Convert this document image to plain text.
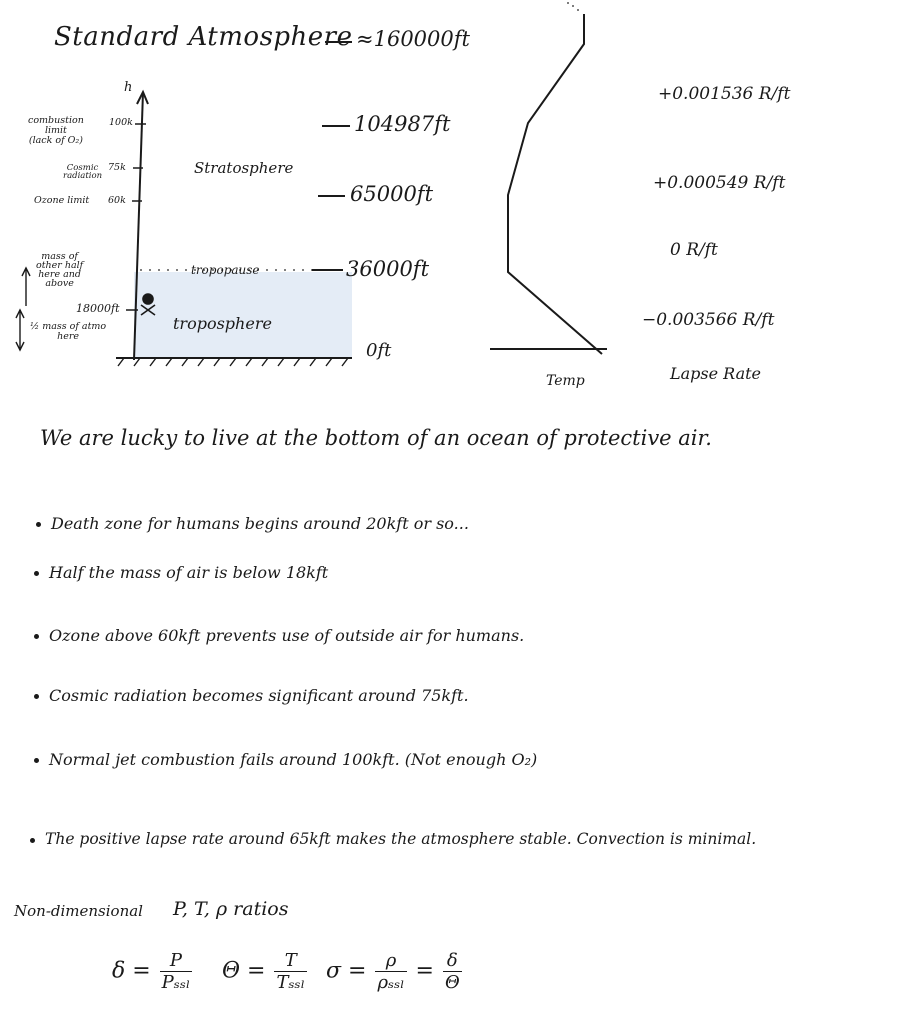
Standard Atmosphere ≈160000ft
104987ft
65000ft
36000ft
0ft
h
combustion
limit
(lack of O₂)
100k
Cosmic
radiation
75k
Ozone limit 60k
18000ft
mass of
other half
here and
above
½ mass of atmo
here
Stratosphere
tropopause
troposphere
+0.001536 R/ft
+0.000549 R/ft
0 R/ft
−0.003566 R/ft
Lapse Rate
Temp
We are lucky to live at the bottom of an ocean of protective air.
Death zone for humans begins around 20kft or so...
Half the mass of air is below 18kft
Ozone above 60kft prevents use of outside air for humans.
Cosmic radiation becomes significant around 75kft.
Normal jet combustion fails around 100kft. (Not enough O₂)
The positive lapse rate around 65kft makes the atmosphere stable. Convection is minimal.
Non-dimensional P, T, ρ ratios
$\delta = \frac{P}{\text{Pₛₛₗ}}$ $\Theta = \frac{T}{\text{Tₛₛₗ}}$ $\sigma = \frac{\rho}{\text{ρₛₛₗ}} = \frac{\delta}{\Theta}$
